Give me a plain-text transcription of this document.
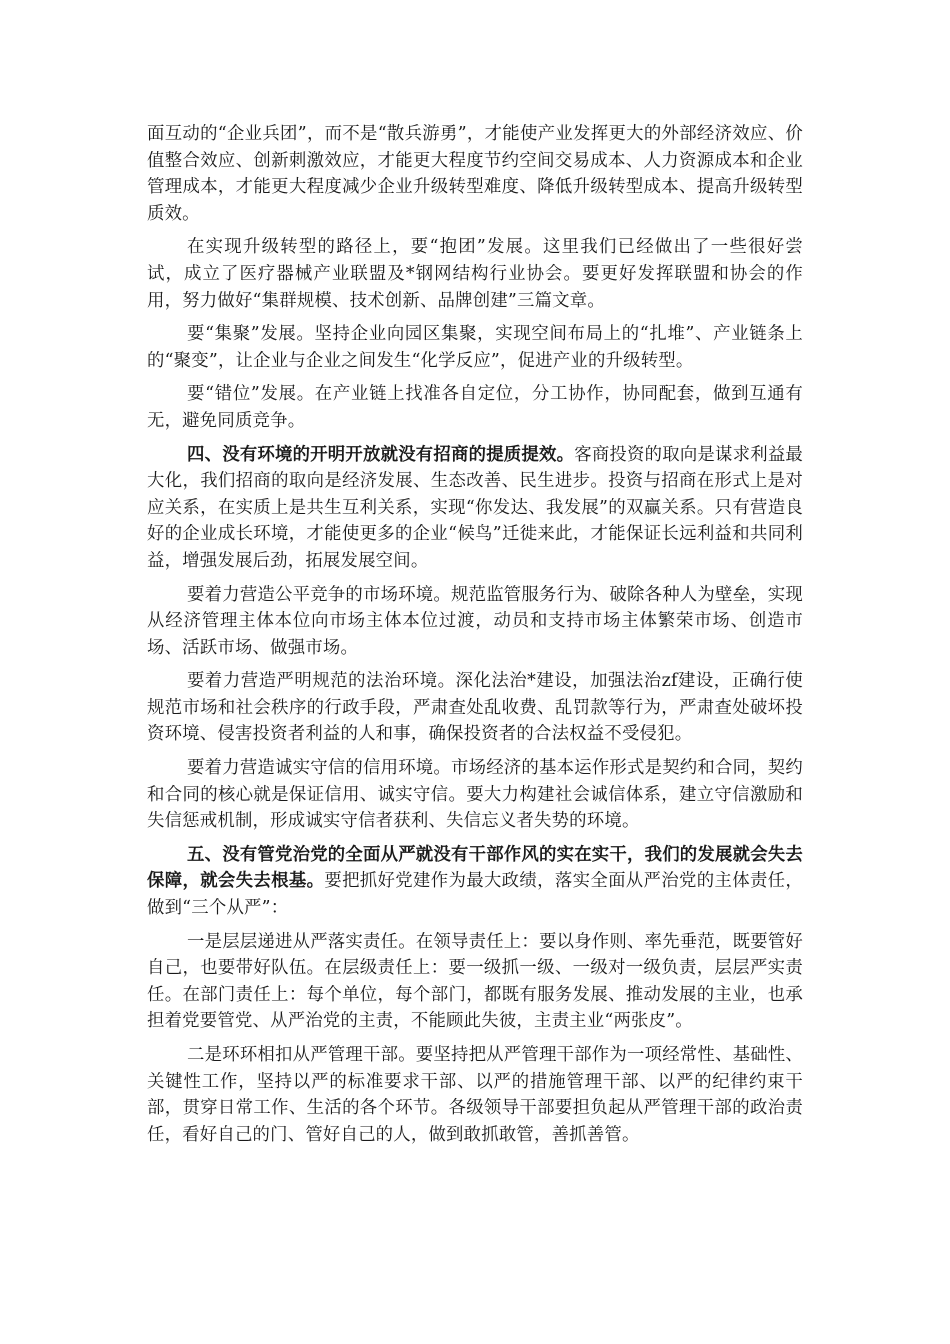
面互动的“企业兵团”，而不是“散兵游勇”，才能使产业发挥更大的外部经济效应、价值整合效应、创新刺激效应，才能更大程度节约空间交易成本、人力资源成本和企业管理成本，才能更大程度减少企业升级转型难度、降低升级转型成本、提高升级转型质效。

在实现升级转型的路径上，要“抱团”发展。这里我们已经做出了一些很好尝试，成立了医疗器械产业联盟及*钢网结构行业协会。要更好发挥联盟和协会的作用，努力做好“集群规模、技术创新、品牌创建”三篇文章。

要“集聚”发展。坚持企业向园区集聚，实现空间布局上的“扎堆”、产业链条上的“聚变”，让企业与企业之间发生“化学反应”，促进产业的升级转型。

要“错位”发展。在产业链上找准各自定位，分工协作，协同配套，做到互通有无，避免同质竞争。

四、没有环境的开明开放就没有招商的提质提效。客商投资的取向是谋求利益最大化，我们招商的取向是经济发展、生态改善、民生进步。投资与招商在形式上是对应关系，在实质上是共生互利关系，实现“你发达、我发展”的双赢关系。只有营造良好的企业成长环境，才能使更多的企业“候鸟”迁徙来此，才能保证长远利益和共同利益，增强发展后劲，拓展发展空间。

要着力营造公平竞争的市场环境。规范监管服务行为、破除各种人为壁垒，实现从经济管理主体本位向市场主体本位过渡，动员和支持市场主体繁荣市场、创造市场、活跃市场、做强市场。

要着力营造严明规范的法治环境。深化法治*建设，加强法治zf建设，正确行使规范市场和社会秩序的行政手段，严肃查处乱收费、乱罚款等行为，严肃查处破坏投资环境、侵害投资者利益的人和事，确保投资者的合法权益不受侵犯。

要着力营造诚实守信的信用环境。市场经济的基本运作形式是契约和合同，契约和合同的核心就是保证信用、诚实守信。要大力构建社会诚信体系，建立守信激励和失信惩戒机制，形成诚实守信者获利、失信忘义者失势的环境。

五、没有管党治党的全面从严就没有干部作风的实在实干，我们的发展就会失去保障，就会失去根基。要把抓好党建作为最大政绩，落实全面从严治党的主体责任，做到“三个从严”：

一是层层递进从严落实责任。在领导责任上：要以身作则、率先垂范，既要管好自己，也要带好队伍。在层级责任上：要一级抓一级、一级对一级负责，层层严实责任。在部门责任上：每个单位，每个部门，都既有服务发展、推动发展的主业，也承担着党要管党、从严治党的主责，不能顾此失彼，主责主业“两张皮”。

二是环环相扣从严管理干部。要坚持把从严管理干部作为一项经常性、基础性、关键性工作，坚持以严的标准要求干部、以严的措施管理干部、以严的纪律约束干部，贯穿日常工作、生活的各个环节。各级领导干部要担负起从严管理干部的政治责任，看好自己的门、管好自己的人，做到敢抓敢管，善抓善管。
